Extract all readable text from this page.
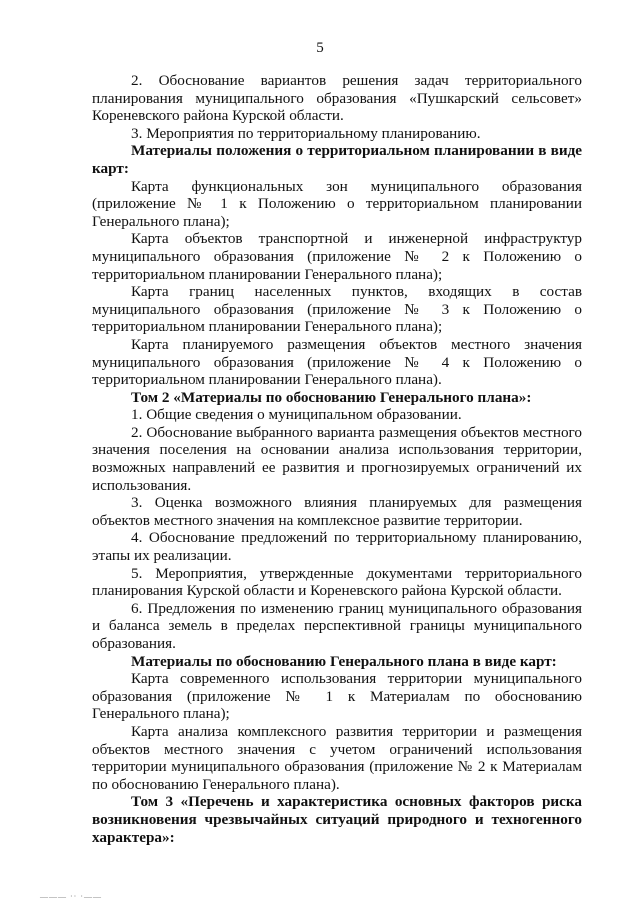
5

2. Обоснование вариантов решения задач территориального планирования муниципального образования «Пушкарский сельсовет» Кореневского района Курской области.

3. Мероприятия по территориальному планированию.

Материалы положения о территориальном планировании в виде карт:

Карта функциональных зон муниципального образования (приложение № 1 к Положению о территориальном планировании Генерального плана);

Карта объектов транспортной и инженерной инфраструктур муниципального образования (приложение № 2 к Положению о территориальном планировании Генерального плана);

Карта границ населенных пунктов, входящих в состав муниципального образования (приложение № 3 к Положению о территориальном планировании Генерального плана);

Карта планируемого размещения объектов местного значения муниципального образования (приложение № 4 к Положению о территориальном планировании Генерального плана).

Том 2 «Материалы по обоснованию Генерального плана»:

1. Общие сведения о муниципальном образовании.

2. Обоснование выбранного варианта размещения объектов местного значения поселения на основании анализа использования территории, возможных направлений ее развития и прогнозируемых ограничений их использования.

3. Оценка возможного влияния планируемых для размещения объектов местного значения на комплексное развитие территории.

4. Обоснование предложений по территориальному планированию, этапы их реализации.

5. Мероприятия, утвержденные документами территориального планирования Курской области и Кореневского района Курской области.

6. Предложения по изменению границ муниципального образования и баланса земель в пределах перспективной границы муниципального образования.

Материалы по обоснованию Генерального плана в виде карт:

Карта современного использования территории муниципального образования (приложение № 1 к Материалам по обоснованию Генерального плана);

Карта анализа комплексного развития территории и размещения объектов местного значения с учетом ограничений использования территории муниципального образования (приложение № 2 к Материалам по обоснованию Генерального плана).

Том 3 «Перечень и характеристика основных факторов риска возникновения чрезвычайных ситуаций природного и техногенного характера»:

——— ·· ·——
